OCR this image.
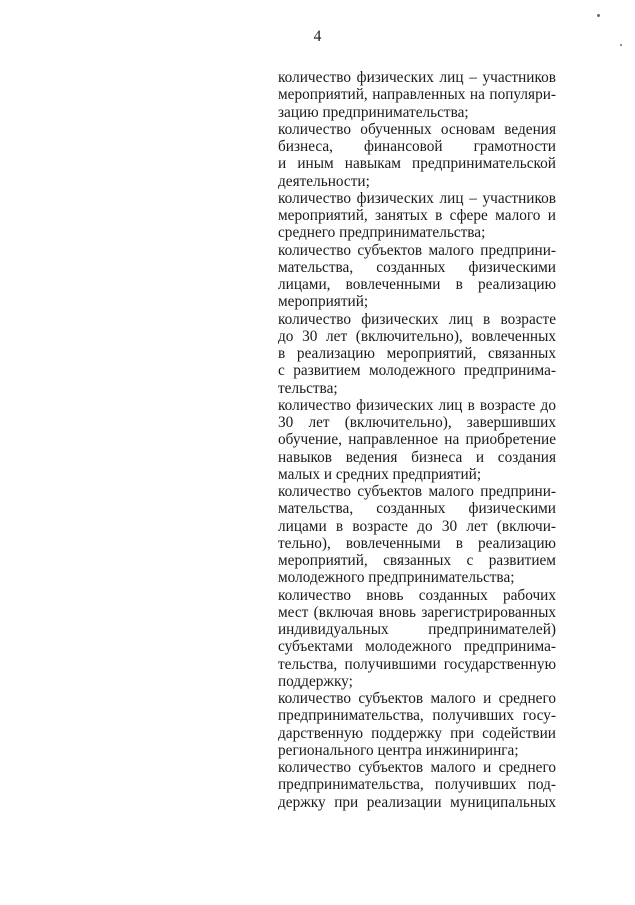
4
количество физических лиц – участников
мероприятий, направленных на популяри-
зацию предпринимательства;
количество обученных основам ведения
бизнеса, финансовой грамотности
и иным навыкам предпринимательской
деятельности;
количество физических лиц – участников
мероприятий, занятых в сфере малого и
среднего предпринимательства;
количество субъектов малого предприни-
мательства, созданных физическими
лицами, вовлеченными в реализацию
мероприятий;
количество физических лиц в возрасте
до 30 лет (включительно), вовлеченных
в реализацию мероприятий, связанных
с развитием молодежного предпринима-
тельства;
количество физических лиц в возрасте до
30 лет (включительно), завершивших
обучение, направленное на приобретение
навыков ведения бизнеса и создания
малых и средних предприятий;
количество субъектов малого предприни-
мательства, созданных физическими
лицами в возрасте до 30 лет (включи-
тельно), вовлеченными в реализацию
мероприятий, связанных с развитием
молодежного предпринимательства;
количество вновь созданных рабочих
мест (включая вновь зарегистрированных
индивидуальных предпринимателей)
субъектами молодежного предпринима-
тельства, получившими государственную
поддержку;
количество субъектов малого и среднего
предпринимательства, получивших госу-
дарственную поддержку при содействии
регионального центра инжиниринга;
количество субъектов малого и среднего
предпринимательства, получивших под-
держку при реализации муниципальных
